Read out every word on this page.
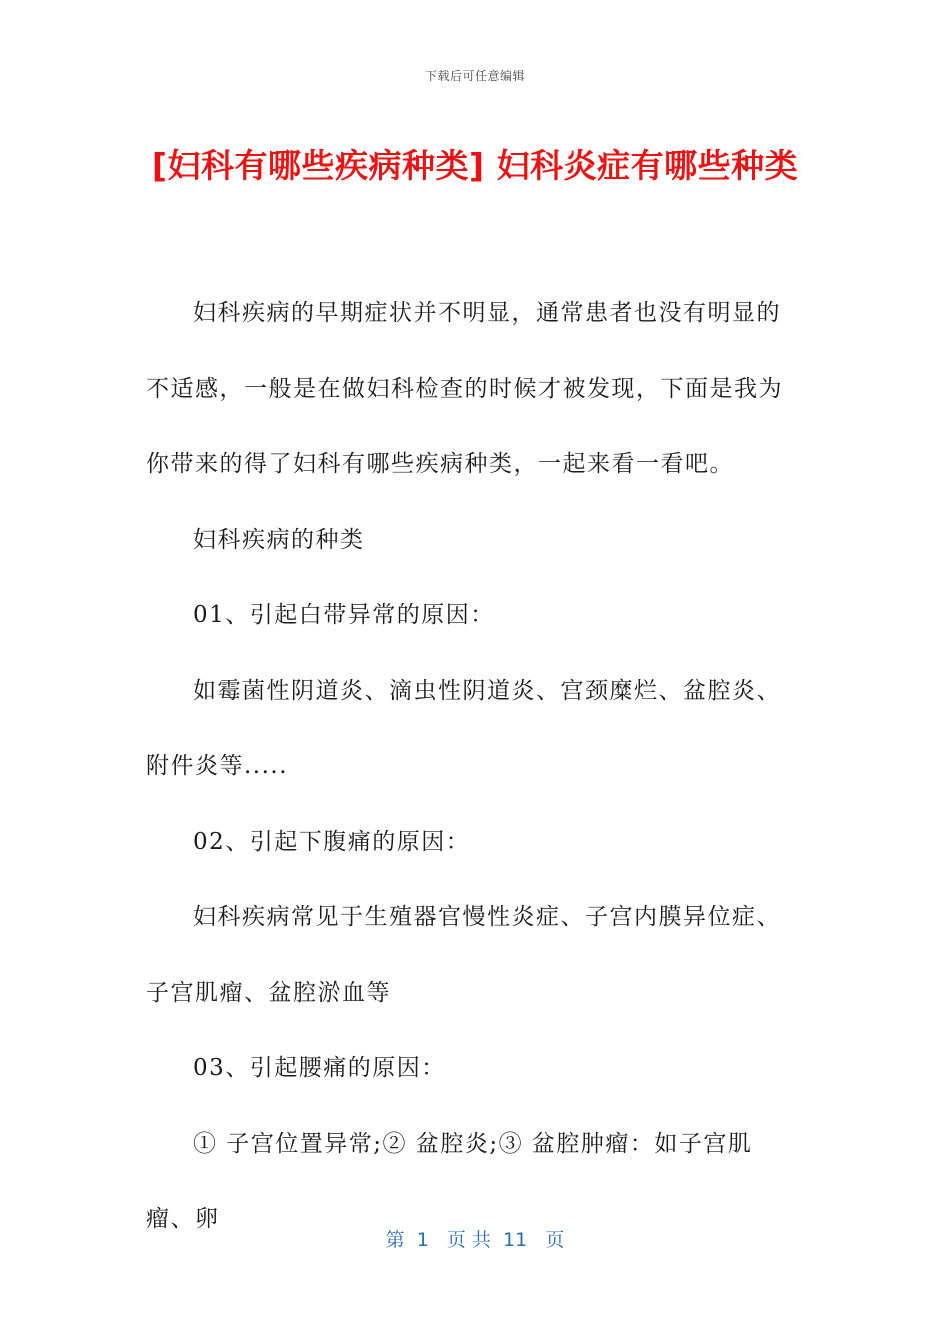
下载后可任意编辑
[妇科有哪些疾病种类] 妇科炎症有哪些种类

妇科疾病的早期症状并不明显，通常患者也没有明显的不适感，一般是在做妇科检查的时候才被发现，下面是我为你带来的得了妇科有哪些疾病种类，一起来看一看吧。

妇科疾病的种类

01、引起白带异常的原因：

如霉菌性阴道炎、滴虫性阴道炎、宫颈糜烂、盆腔炎、附件炎等.....

02、引起下腹痛的原因：

妇科疾病常见于生殖器官慢性炎症、子宫内膜异位症、子宫肌瘤、盆腔淤血等

03、引起腰痛的原因：

① 子宫位置异常;② 盆腔炎;③ 盆腔肿瘤：如子宫肌瘤、卵

第  1   页 共  11   页
